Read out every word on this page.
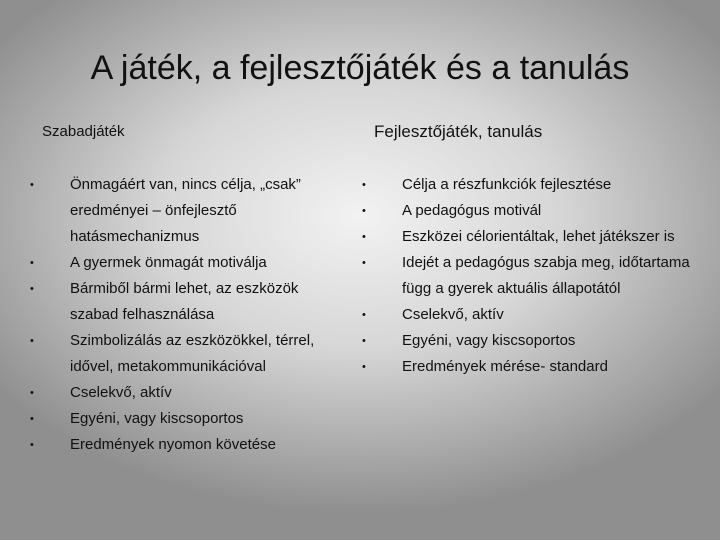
A játék, a fejlesztőjáték és a tanulás
Szabadjáték
• Önmagáért van, nincs célja, „csak” eredményei – önfejlesztő hatásmechanizmus
• A gyermek önmagát motiválja
• Bármiből bármi lehet, az eszközök szabad felhasználása
• Szimbolizálás az eszközökkel, térrel, idővel, metakommunikációval
• Cselekvő, aktív
• Egyéni, vagy kiscsoportos
• Eredmények nyomon követése
Fejlesztőjáték, tanulás
• Célja a részfunkciók fejlesztése
• A pedagógus motivál
• Eszközei célorientáltak, lehet játékszer is
• Idejét a pedagógus szabja meg, időtartama függ a gyerek aktuális állapotától
• Cselekvő, aktív
• Egyéni, vagy kiscsoportos
• Eredmények mérése- standard
